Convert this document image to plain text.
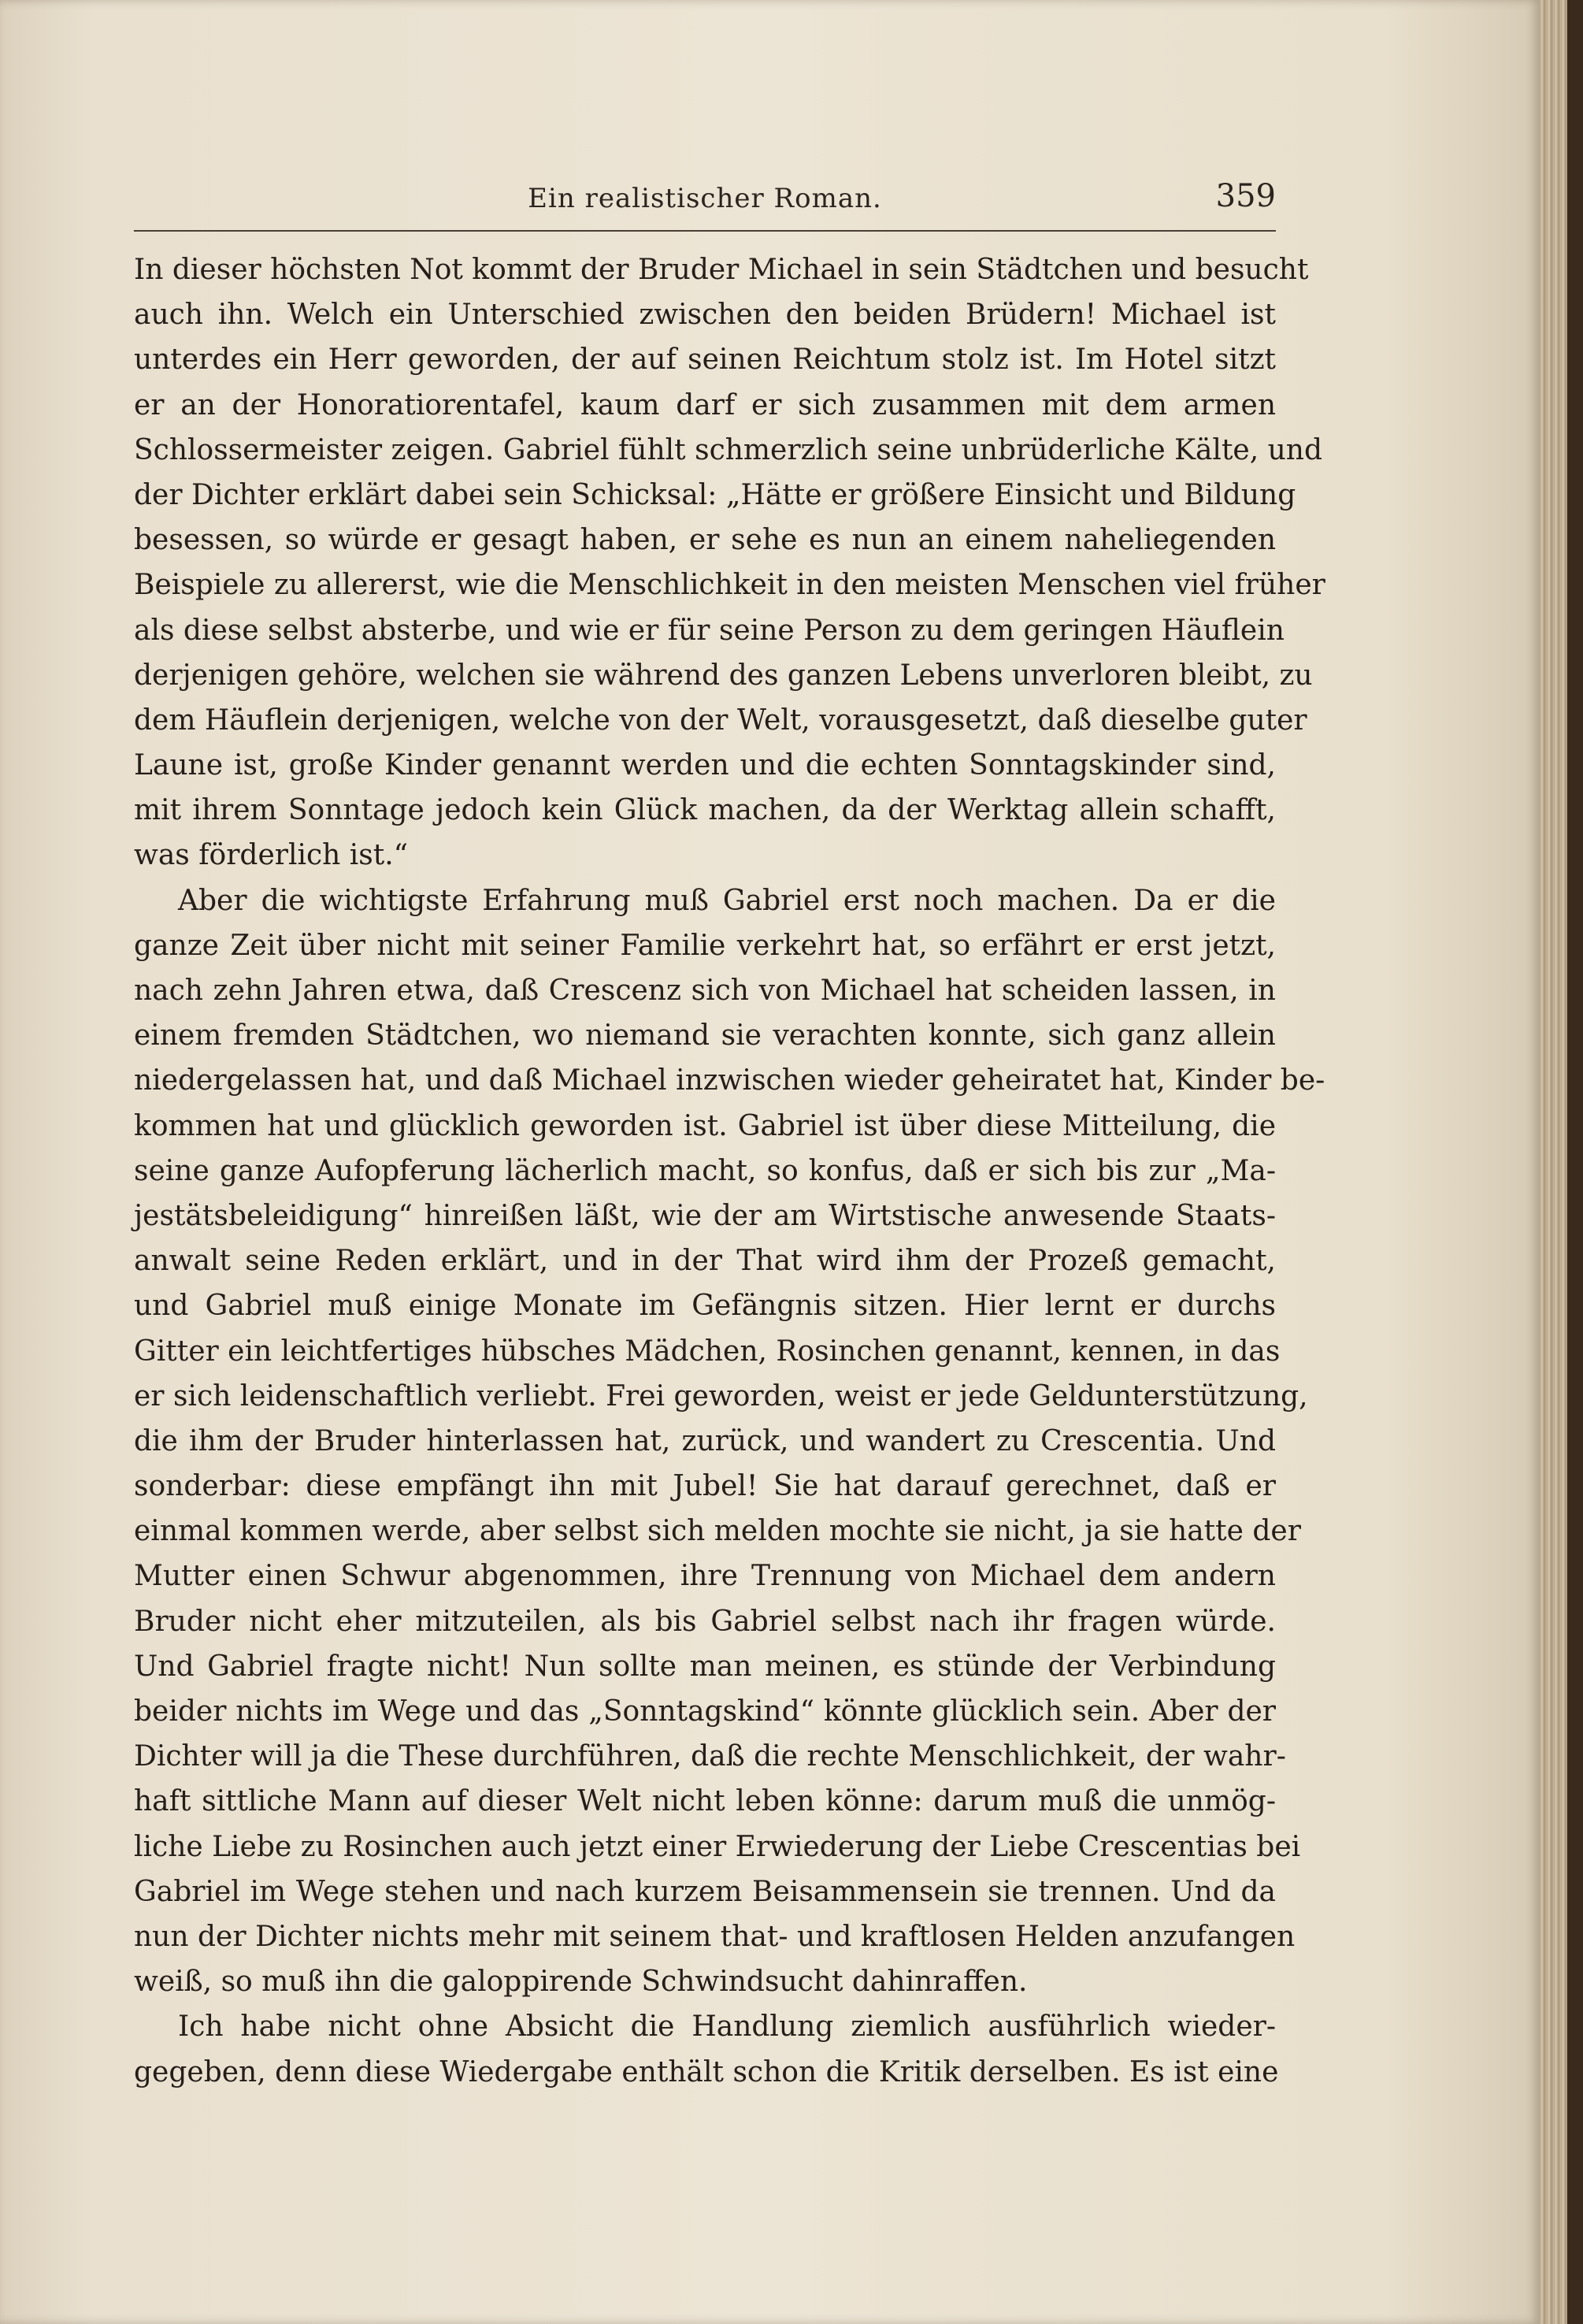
Ein realistischer Roman.	359
In dieser höchsten Not kommt der Bruder Michael in sein Städtchen und besucht
auch ihn. Welch ein Unterschied zwischen den beiden Brüdern! Michael ist
unterdes ein Herr geworden, der auf seinen Reichtum stolz ist. Im Hotel sitzt
er an der Honoratiorentafel, kaum darf er sich zusammen mit dem armen
Schlossermeister zeigen. Gabriel fühlt schmerzlich seine unbrüderliche Kälte, und
der Dichter erklärt dabei sein Schicksal: „Hätte er größere Einsicht und Bildung
besessen, so würde er gesagt haben, er sehe es nun an einem naheliegenden
Beispiele zu allererst, wie die Menschlichkeit in den meisten Menschen viel früher
als diese selbst absterbe, und wie er für seine Person zu dem geringen Häuflein
derjenigen gehöre, welchen sie während des ganzen Lebens unverloren bleibt, zu
dem Häuflein derjenigen, welche von der Welt, vorausgesetzt, daß dieselbe guter
Laune ist, große Kinder genannt werden und die echten Sonntagskinder sind,
mit ihrem Sonntage jedoch kein Glück machen, da der Werktag allein schafft,
was förderlich ist.“
Aber die wichtigste Erfahrung muß Gabriel erst noch machen. Da er die
ganze Zeit über nicht mit seiner Familie verkehrt hat, so erfährt er erst jetzt,
nach zehn Jahren etwa, daß Crescenz sich von Michael hat scheiden lassen, in
einem fremden Städtchen, wo niemand sie verachten konnte, sich ganz allein
niedergelassen hat, und daß Michael inzwischen wieder geheiratet hat, Kinder be-
kommen hat und glücklich geworden ist. Gabriel ist über diese Mitteilung, die
seine ganze Aufopferung lächerlich macht, so konfus, daß er sich bis zur „Ma-
jestätsbeleidigung“ hinreißen läßt, wie der am Wirtstische anwesende Staats-
anwalt seine Reden erklärt, und in der That wird ihm der Prozeß gemacht,
und Gabriel muß einige Monate im Gefängnis sitzen. Hier lernt er durchs
Gitter ein leichtfertiges hübsches Mädchen, Rosinchen genannt, kennen, in das
er sich leidenschaftlich verliebt. Frei geworden, weist er jede Geldunterstützung,
die ihm der Bruder hinterlassen hat, zurück, und wandert zu Crescentia. Und
sonderbar: diese empfängt ihn mit Jubel! Sie hat darauf gerechnet, daß er
einmal kommen werde, aber selbst sich melden mochte sie nicht, ja sie hatte der
Mutter einen Schwur abgenommen, ihre Trennung von Michael dem andern
Bruder nicht eher mitzuteilen, als bis Gabriel selbst nach ihr fragen würde.
Und Gabriel fragte nicht! Nun sollte man meinen, es stünde der Verbindung
beider nichts im Wege und das „Sonntagskind“ könnte glücklich sein. Aber der
Dichter will ja die These durchführen, daß die rechte Menschlichkeit, der wahr-
haft sittliche Mann auf dieser Welt nicht leben könne: darum muß die unmög-
liche Liebe zu Rosinchen auch jetzt einer Erwiederung der Liebe Crescentias bei
Gabriel im Wege stehen und nach kurzem Beisammensein sie trennen. Und da
nun der Dichter nichts mehr mit seinem that- und kraftlosen Helden anzufangen
weiß, so muß ihn die galoppirende Schwindsucht dahinraffen.
Ich habe nicht ohne Absicht die Handlung ziemlich ausführlich wieder-
gegeben, denn diese Wiedergabe enthält schon die Kritik derselben. Es ist eine
